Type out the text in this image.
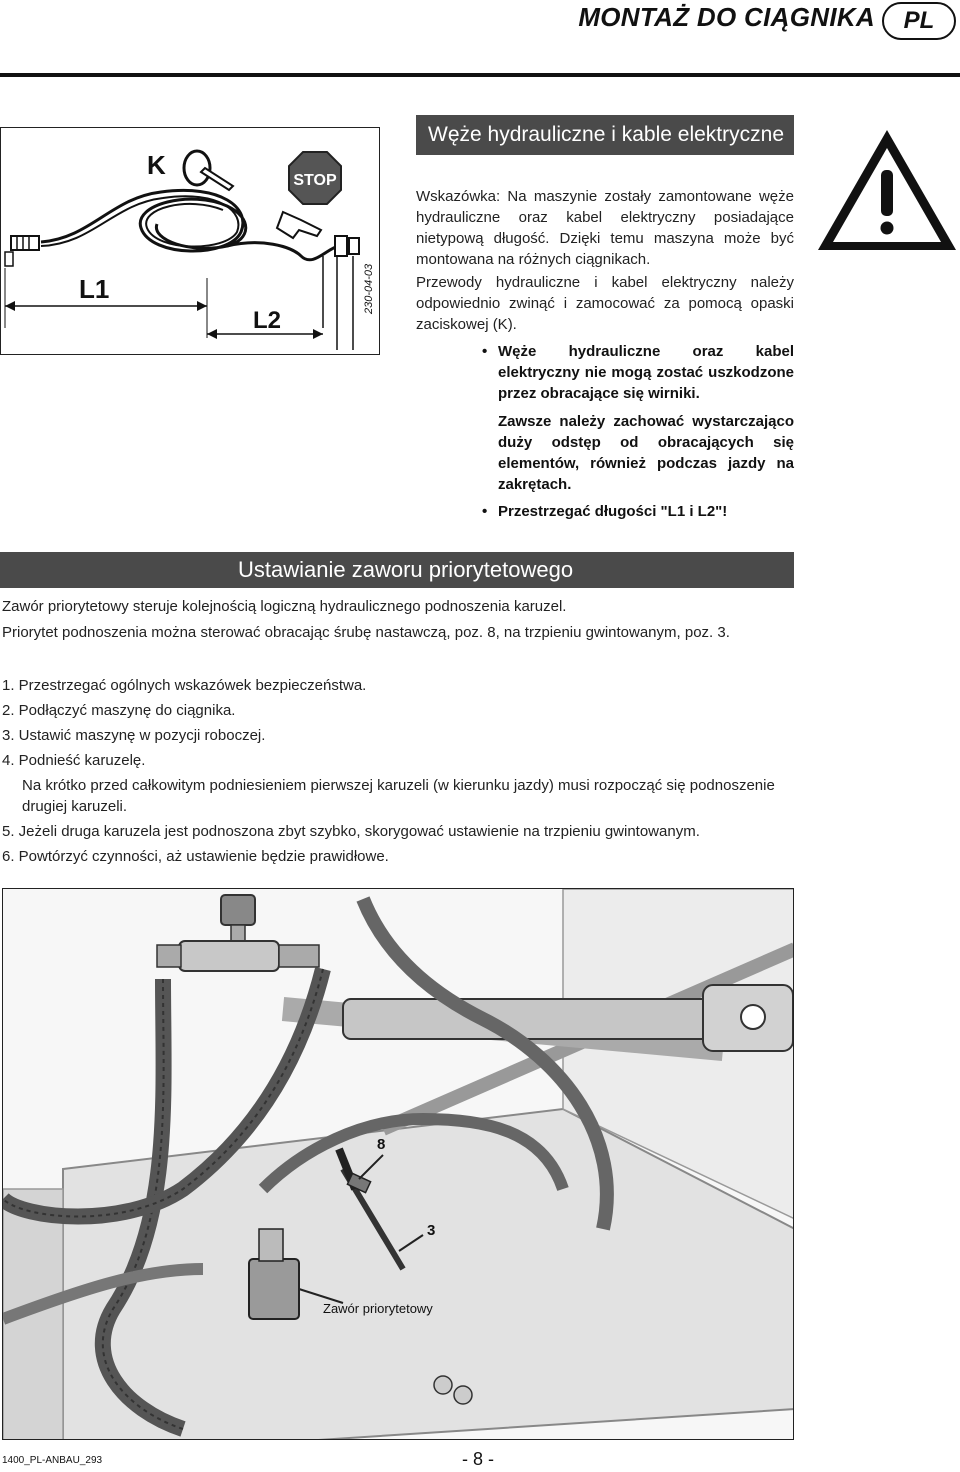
MONTAŻ DO CIĄGNIKA	PL
K
STOP
230-04-03
L1
L2
Węże hydrauliczne i kable elektryczne
Wskazówka: Na maszynie zostały zamontowane węże hydrauliczne oraz kabel elektryczny posiadające nietypową długość. Dzięki temu maszyna może być montowana na różnych ciągnikach.
Przewody hydrauliczne i kabel elektryczny należy odpowiednio zwinąć i zamocować za pomocą opaski zaciskowej (K).
• Węże hydrauliczne oraz kabel elektryczny nie mogą zostać uszkodzone przez obracające się wirniki.
Zawsze należy zachować wystarczająco duży odstęp od obracających się elementów, również podczas jazdy na zakrętach.
• Przestrzegać długości "L1 i L2"!
Ustawianie zaworu priorytetowego
Zawór priorytetowy steruje kolejnością logiczną hydraulicznego podnoszenia karuzel.
Priorytet podnoszenia można sterować obracając śrubę nastawczą, poz. 8, na trzpieniu gwintowanym, poz. 3.
1. Przestrzegać ogólnych wskazówek bezpieczeństwa.
2. Podłączyć maszynę do ciągnika.
3. Ustawić maszynę w pozycji roboczej.
4. Podnieść karuzelę.
Na krótko przed całkowitym podniesieniem pierwszej karuzeli (w kierunku jazdy) musi rozpocząć się podnoszenie drugiej karuzeli.
5. Jeżeli druga karuzela jest podnoszona zbyt szybko, skorygować ustawienie na trzpieniu gwintowanym.
6. Powtórzyć czynności, aż ustawienie będzie prawidłowe.
8
3
Zawór priorytetowy
1400_PL-ANBAU_293	- 8 -
